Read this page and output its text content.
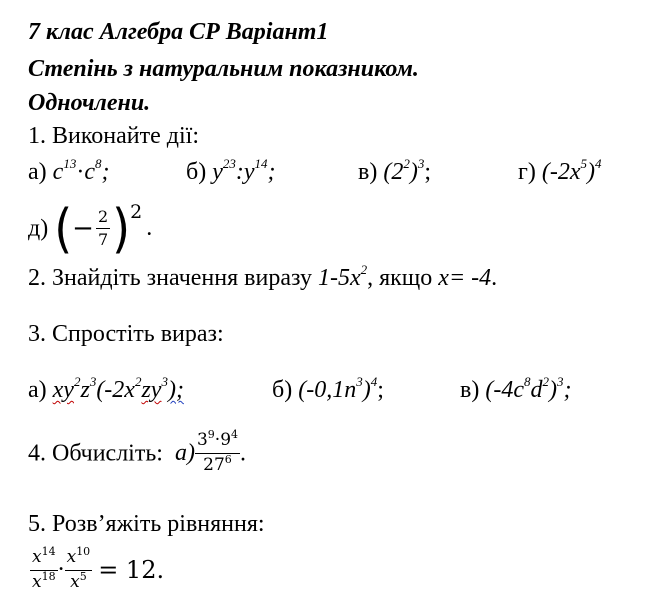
7 клас Алгебра СР Варіант1
Степінь з натуральним показником.
Одночлени.
1. Виконайте дії:
а) $c^{13}\cdot c^8$;	б) $y^{23}:y^{14}$;	в) $(2^2)^3$;	г) $(-2x^5)^4$
д) (− $\frac{2}{7} )^2$.
2. Знайдіть значення виразу $1-5x^2$, якщо x= -4.
3. Спростіть вираз:
а) $xy^2z^3(-2x^2zy^3)$;	б) $(-0,1n^3)^4$;	в) $(-4c^8d^2)^3$;
4. Обчисліть: $а) \frac{3^9\cdot 9^4}{27^6}$ .
5. Розв’яжіть рівняння:
$\frac{x^{14}}{x^{18}} \cdot \frac{x^{10}}{x^5} = 12$.
